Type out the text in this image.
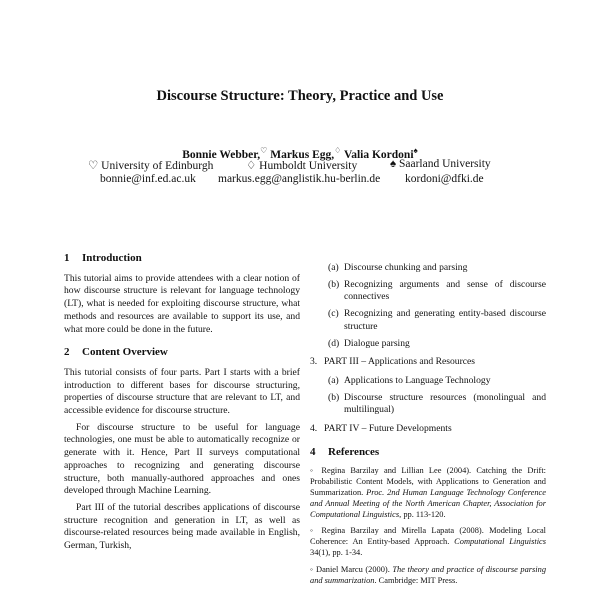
Discourse Structure: Theory, Practice and Use
Bonnie Webber,♡ Markus Egg,♢ Valia Kordoni♠
♡ University of Edinburgh	♢ Humboldt University	♠ Saarland University
bonnie@inf.ed.ac.uk markus.egg@anglistik.hu-berlin.de kordoni@dfki.de
1 Introduction

This tutorial aims to provide attendees with a clear notion of how discourse structure is relevant for language technology (LT), what is needed for exploiting discourse structure, what methods and resources are available to support its use, and what more could be done in the future.

2 Content Overview

This tutorial consists of four parts. Part I starts with a brief introduction to different bases for discourse structuring, properties of discourse structure that are relevant to LT, and accessible evidence for discourse structure.

For discourse structure to be useful for language technologies, one must be able to automatically recognize or generate with it. Hence, Part II surveys computational approaches to recognizing and generating discourse structure, both manually-authored approaches and ones developed through Machine Learning.

Part III of the tutorial describes applications of discourse structure recognition and generation in LT, as well as discourse-related resources being made available in English, German, Turkish,

(a) Discourse chunking and parsing
(b) Recognizing arguments and sense of discourse connectives
(c) Recognizing and generating entity-based discourse structure
(d) Dialogue parsing
3. PART III – Applications and Resources
(a) Applications to Language Technology
(b) Discourse structure resources (monolingual and multilingual)
4. PART IV – Future Developments
4 References
◦ Regina Barzilay and Lillian Lee (2004). Catching the Drift: Probabilistic Content Models, with Applications to Generation and Summarization. Proc. 2nd Human Language Technology Conference and Annual Meeting of the North American Chapter, Association for Computational Linguistics, pp. 113-120.
◦ Regina Barzilay and Mirella Lapata (2008). Modeling Local Coherence: An Entity-based Approach. Computational Linguistics 34(1), pp. 1-34.
◦ Daniel Marcu (2000). The theory and practice of discourse parsing and summarization. Cambridge: MIT Press.
